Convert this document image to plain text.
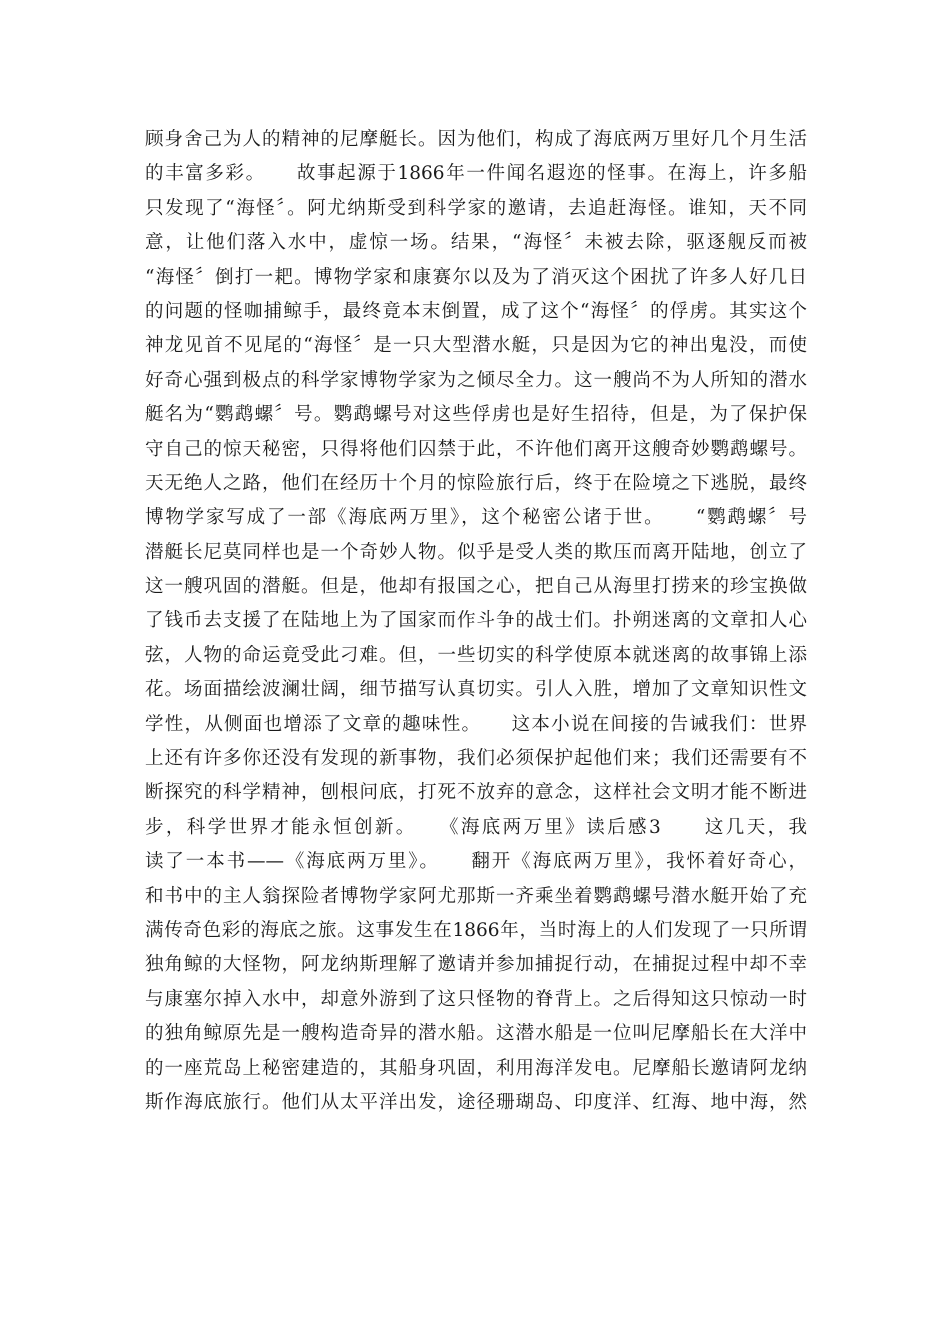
顾身舍己为人的精神的尼摩艇长。因为他们，构成了海底两万里好几个月生活
的丰富多彩。　　故事起源于1866年一件闻名遐迩的怪事。在海上，许多船
只发现了“海怪〞。阿尤纳斯受到科学家的邀请，去追赶海怪。谁知，天不同
意，让他们落入水中，虚惊一场。结果，“海怪〞未被去除，驱逐舰反而被
“海怪〞倒打一耙。博物学家和康赛尔以及为了消灭这个困扰了许多人好几日
的问题的怪咖捕鲸手，最终竟本末倒置，成了这个“海怪〞的俘虏。其实这个
神龙见首不见尾的“海怪〞是一只大型潜水艇，只是因为它的神出鬼没，而使
好奇心强到极点的科学家博物学家为之倾尽全力。这一艘尚不为人所知的潜水
艇名为“鹦鹉螺〞号。鹦鹉螺号对这些俘虏也是好生招待，但是，为了保护保
守自己的惊天秘密，只得将他们囚禁于此，不许他们离开这艘奇妙鹦鹉螺号。
天无绝人之路，他们在经历十个月的惊险旅行后，终于在险境之下逃脱，最终
博物学家写成了一部《海底两万里》，这个秘密公诸于世。　　“鹦鹉螺〞号
潜艇长尼莫同样也是一个奇妙人物。似乎是受人类的欺压而离开陆地，创立了
这一艘巩固的潜艇。但是，他却有报国之心，把自己从海里打捞来的珍宝换做
了钱币去支援了在陆地上为了国家而作斗争的战士们。扑朔迷离的文章扣人心
弦，人物的命运竟受此刁难。但，一些切实的科学使原本就迷离的故事锦上添
花。场面描绘波澜壮阔，细节描写认真切实。引人入胜，增加了文章知识性文
学性，从侧面也增添了文章的趣味性。　　这本小说在间接的告诫我们：世界
上还有许多你还没有发现的新事物，我们必须保护起他们来；我们还需要有不
断探究的科学精神，刨根问底，打死不放弃的意念，这样社会文明才能不断进
步，科学世界才能永恒创新。　　《海底两万里》读后感3　　这几天，我
读了一本书——《海底两万里》。　　翻开《海底两万里》，我怀着好奇心，
和书中的主人翁探险者博物学家阿尤那斯一齐乘坐着鹦鹉螺号潜水艇开始了充
满传奇色彩的海底之旅。这事发生在1866年，当时海上的人们发现了一只所谓
独角鲸的大怪物，阿龙纳斯理解了邀请并参加捕捉行动，在捕捉过程中却不幸
与康塞尔掉入水中，却意外游到了这只怪物的脊背上。之后得知这只惊动一时
的独角鲸原先是一艘构造奇异的潜水船。这潜水船是一位叫尼摩船长在大洋中
的一座荒岛上秘密建造的，其船身巩固，利用海洋发电。尼摩船长邀请阿龙纳
斯作海底旅行。他们从太平洋出发，途径珊瑚岛、印度洋、红海、地中海，然
